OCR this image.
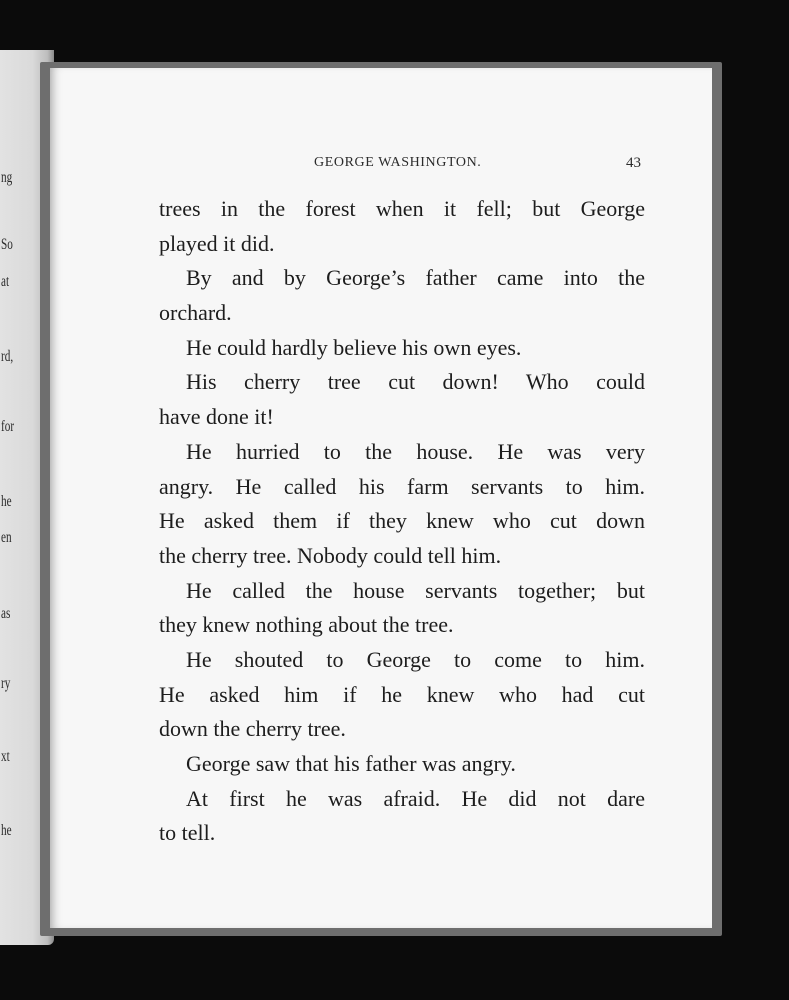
ng
So
at
rd,
for
he
en
as
ry
xt
he
GEORGE WASHINGTON.	43
trees in the forest when it fell; but George
played it did.
By and by George’s father came into the
orchard.
He could hardly believe his own eyes.
His cherry tree cut down! Who could
have done it!
He hurried to the house. He was very
angry. He called his farm servants to him.
He asked them if they knew who cut down
the cherry tree. Nobody could tell him.
He called the house servants together; but
they knew nothing about the tree.
He shouted to George to come to him.
He asked him if he knew who had cut
down the cherry tree.
George saw that his father was angry.
At first he was afraid. He did not dare
to tell.
